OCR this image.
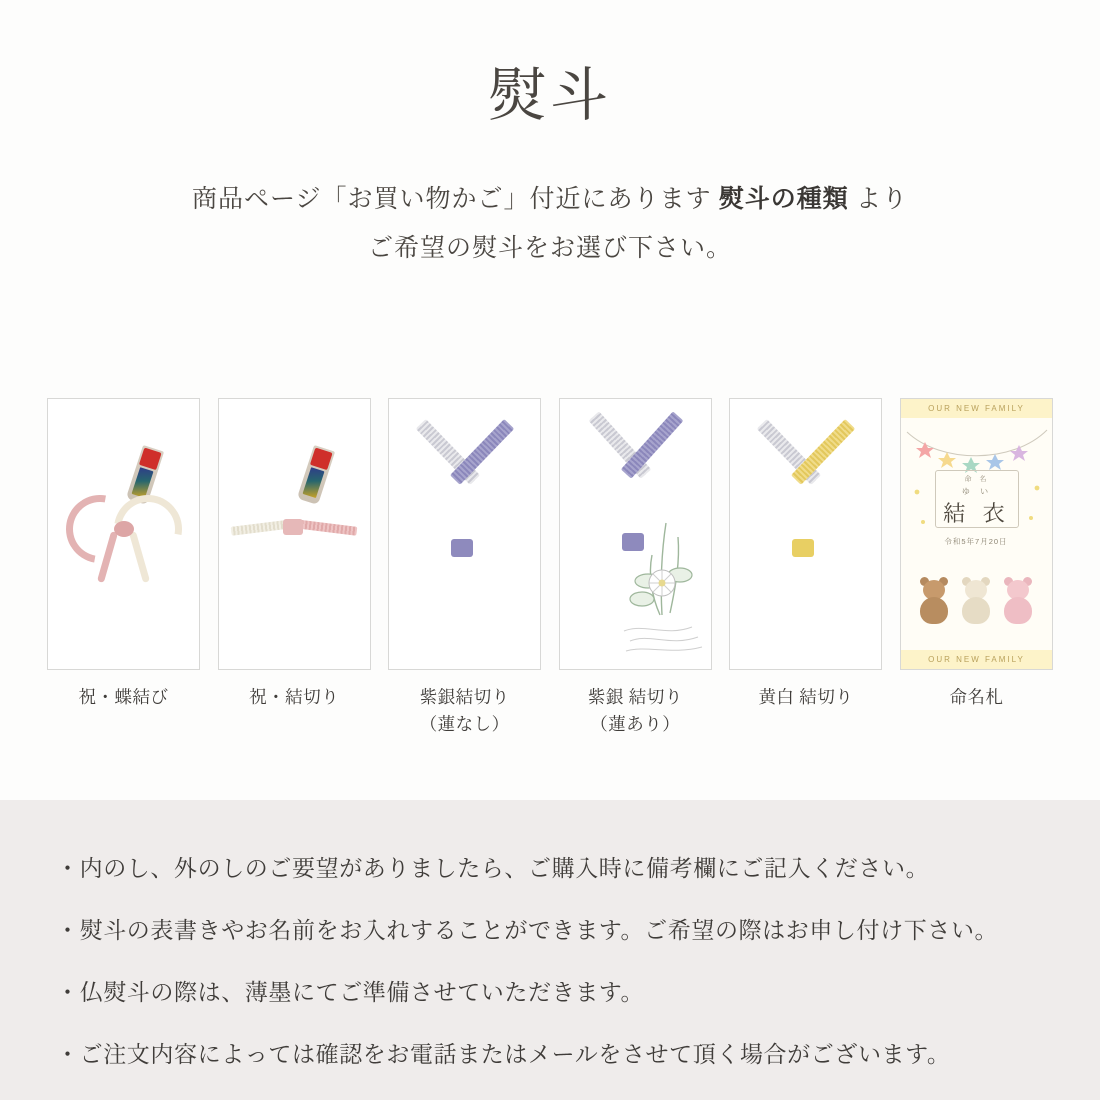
熨斗
商品ページ「お買い物かご」付近にあります 熨斗の種類 より
ご希望の熨斗をお選び下さい。
祝・蝶結び	祝・結切り	紫銀結切り
（蓮なし）
紫銀 結切り
（蓮あり）
黄白 結切り
OUR NEW FAMILY
命 名
ゆ い
結 衣
令和5年7月20日
OUR NEW FAMILY
命名札
・内のし、外のしのご要望がありましたら、ご購入時に備考欄にご記入ください。
・熨斗の表書きやお名前をお入れすることができます。ご希望の際はお申し付け下さい。
・仏熨斗の際は、薄墨にてご準備させていただきます。
・ご注文内容によっては確認をお電話またはメールをさせて頂く場合がございます。
